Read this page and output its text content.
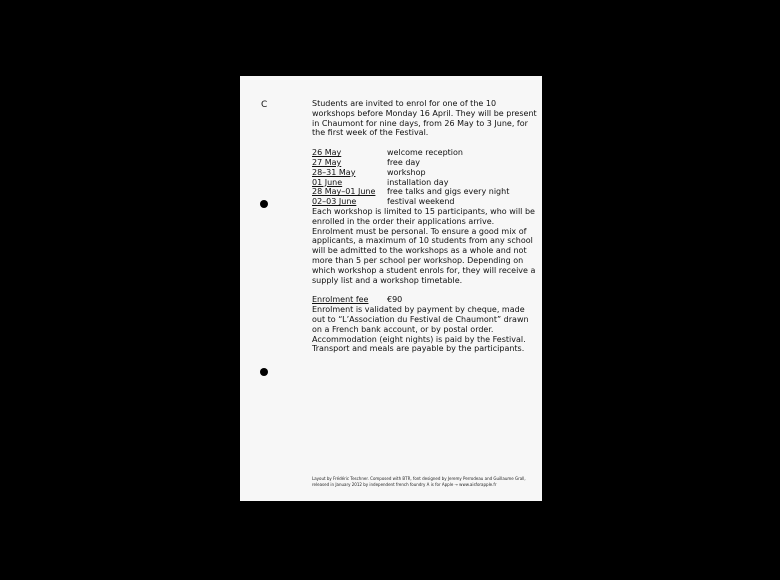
C	Students are invited to enrol for one of the 10 workshops before Monday 16 April. They will be present in Chaumont for nine days, from 26 May to 3 June, for the first week of the Festival.

26 May	welcome reception
27 May	free day
28–31 May	workshop
01 June	installation day
28 May–01 June	free talks and gigs every night
02–03 June	festival weekend

Each workshop is limited to 15 participants, who will be enrolled in the order their applications arrive. Enrolment must be personal. To ensure a good mix of applicants, a maximum of 10 students from any school will be admitted to the workshops as a whole and not more than 5 per school per workshop. Depending on which workshop a student enrols for, they will receive a supply list and a workshop timetable.

Enrolment fee	€90

Enrolment is validated by payment by cheque, made out to “L’Association du Festival de Chaumont” drawn on a French bank account, or by postal order. Accommodation (eight nights) is paid by the Festival. Transport and meals are payable by the participants.

Layout by Frédéric Teschner. Composed with BTR, font designed by Jeremy Perrodeau and Guillaume Grall, released in January 2012 by independent french foundry A is for Apple → www.aisforapple.fr
